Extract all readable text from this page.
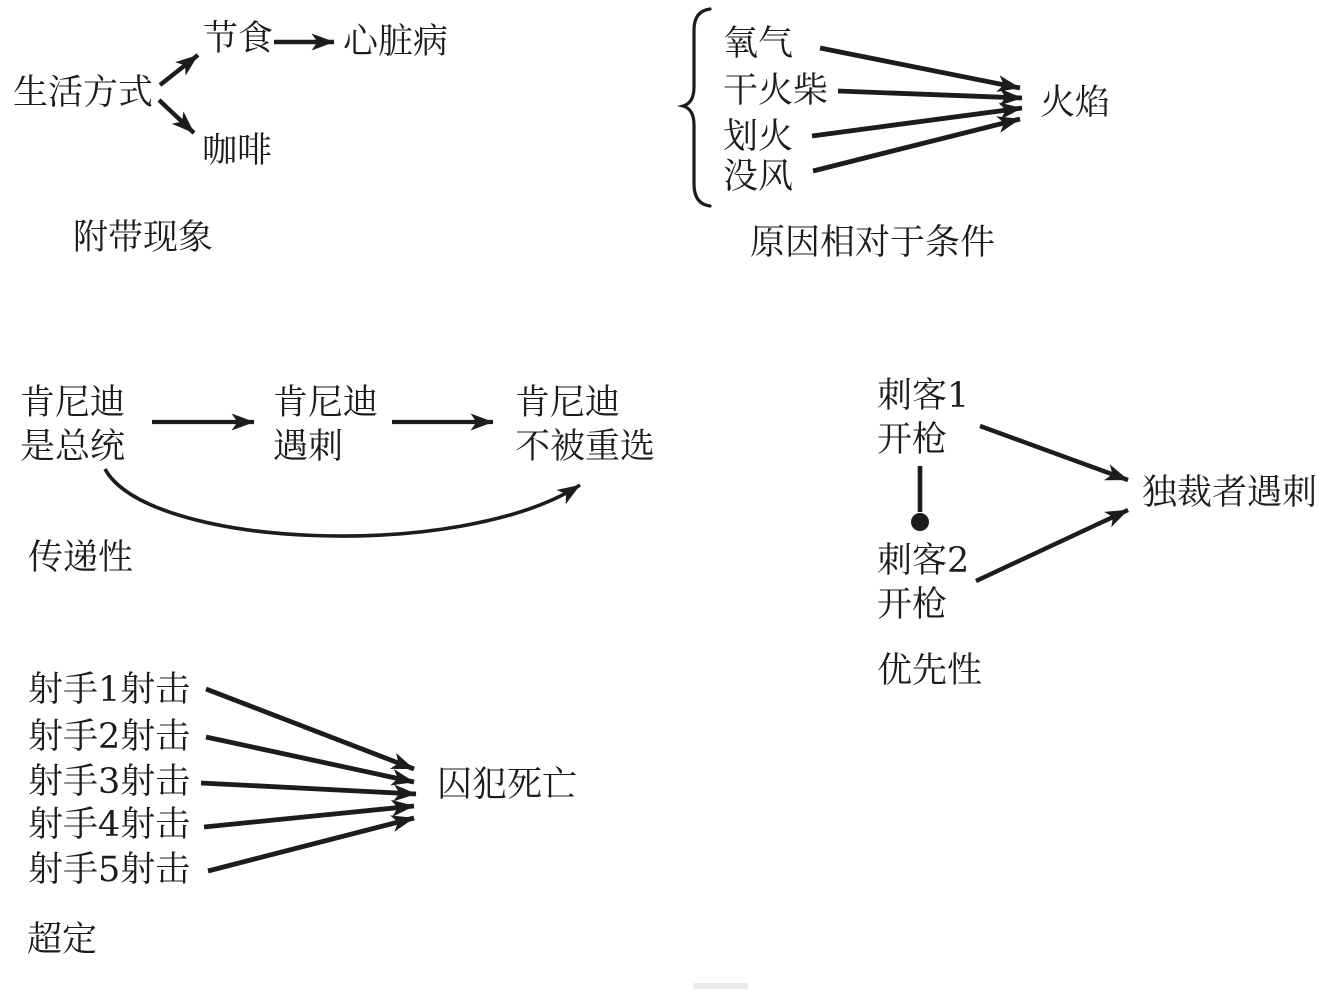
生活方式
节食 心脏病
咖啡
附带现象
氧气
干火柴
划火
没风
火焰
原因相对于条件
肯尼迪
是总统
肯尼迪
遇刺
肯尼迪
不被重选
传递性
刺客1
开枪
刺客2
开枪
独裁者遇刺
优先性
射手1射击
射手2射击
射手3射击
射手4射击
射手5射击
囚犯死亡
超定
